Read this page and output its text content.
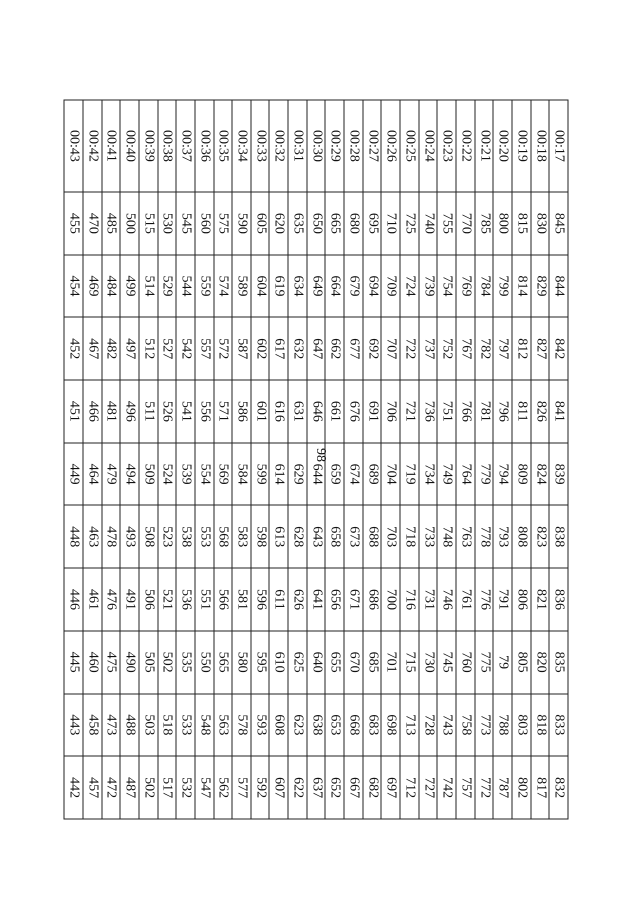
98
00:17	845	844	842	841	839	838	836	835	833	832
00:18	830	829	827	826	824	823	821	820	818	817
00:19	815	814	812	811	809	808	806	805	803	802
00:20	800	799	797	796	794	793	791	79	788	787
00:21	785	784	782	781	779	778	776	775	773	772
00:22	770	769	767	766	764	763	761	760	758	757
00:23	755	754	752	751	749	748	746	745	743	742
00:24	740	739	737	736	734	733	731	730	728	727
00:25	725	724	722	721	719	718	716	715	713	712
00:26	710	709	707	706	704	703	700	701	698	697
00:27	695	694	692	691	689	688	686	685	683	682
00:28	680	679	677	676	674	673	671	670	668	667
00:29	665	664	662	661	659	658	656	655	653	652
00:30	650	649	647	646	644	643	641	640	638	637
00:31	635	634	632	631	629	628	626	625	623	622
00:32	620	619	617	616	614	613	611	610	608	607
00:33	605	604	602	601	599	598	596	595	593	592
00:34	590	589	587	586	584	583	581	580	578	577
00:35	575	574	572	571	569	568	566	565	563	562
00:36	560	559	557	556	554	553	551	550	548	547
00:37	545	544	542	541	539	538	536	535	533	532
00:38	530	529	527	526	524	523	521	502	518	517
00:39	515	514	512	511	509	508	506	505	503	502
00:40	500	499	497	496	494	493	491	490	488	487
00:41	485	484	482	481	479	478	476	475	473	472
00:42	470	469	467	466	464	463	461	460	458	457
00:43	455	454	452	451	449	448	446	445	443	442
